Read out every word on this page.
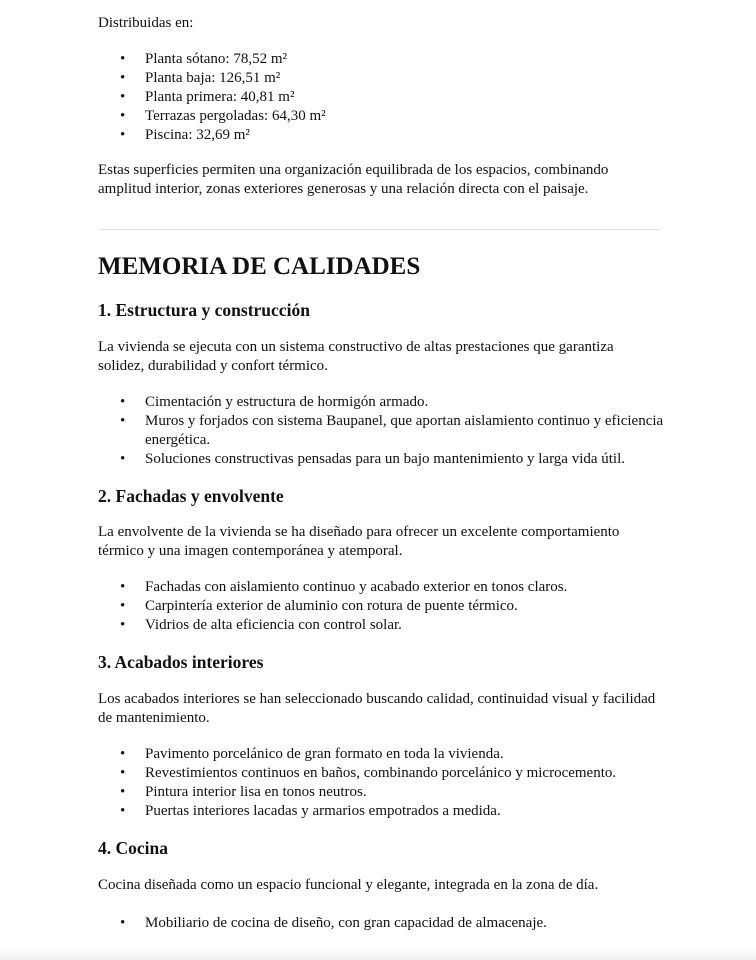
Distribuidas en:

• Planta sótano: 78,52 m²
• Planta baja: 126,51 m²
• Planta primera: 40,81 m²
• Terrazas pergoladas: 64,30 m²
• Piscina: 32,69 m²

Estas superficies permiten una organización equilibrada de los espacios, combinando amplitud interior, zonas exteriores generosas y una relación directa con el paisaje.

MEMORIA DE CALIDADES
1. Estructura y construcción

La vivienda se ejecuta con un sistema constructivo de altas prestaciones que garantiza solidez, durabilidad y confort térmico.

• Cimentación y estructura de hormigón armado.
• Muros y forjados con sistema Baupanel, que aportan aislamiento continuo y eficiencia energética.
• Soluciones constructivas pensadas para un bajo mantenimiento y larga vida útil.
2. Fachadas y envolvente

La envolvente de la vivienda se ha diseñado para ofrecer un excelente comportamiento térmico y una imagen contemporánea y atemporal.

• Fachadas con aislamiento continuo y acabado exterior en tonos claros.
• Carpintería exterior de aluminio con rotura de puente térmico.
• Vidrios de alta eficiencia con control solar.
3. Acabados interiores

Los acabados interiores se han seleccionado buscando calidad, continuidad visual y facilidad de mantenimiento.

• Pavimento porcelánico de gran formato en toda la vivienda.
• Revestimientos continuos en baños, combinando porcelánico y microcemento.
• Pintura interior lisa en tonos neutros.
• Puertas interiores lacadas y armarios empotrados a medida.
4. Cocina

Cocina diseñada como un espacio funcional y elegante, integrada en la zona de día.

• Mobiliario de cocina de diseño, con gran capacidad de almacenaje.
